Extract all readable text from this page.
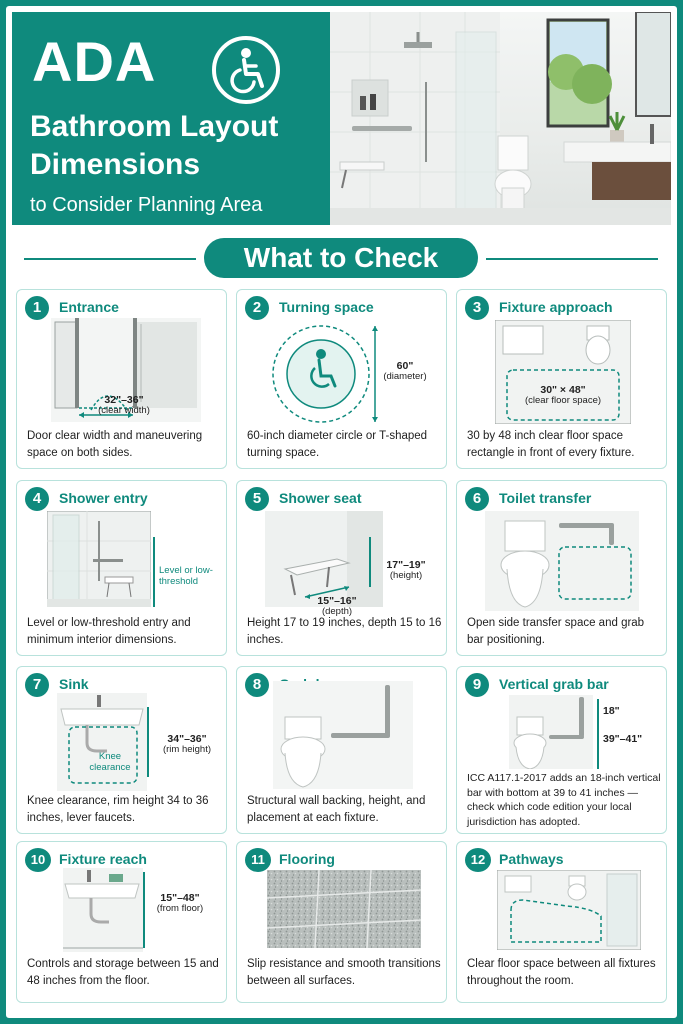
ADA
Bathroom Layout
Dimensions
to Consider Planning Area
What to Check
1	Entrance
32"–36"
(clear width)
Door clear width and maneuvering space on both sides.
2	Turning space
60"
(diameter)
60-inch diameter circle or T-shaped turning space.
3	Fixture approach
30" × 48"
(clear floor space)
30 by 48 inch clear floor space rectangle in front of every fixture.
4	Shower entry
Level or low-threshold
Level or low-threshold entry and minimum interior dimensions.
5	Shower seat
17"–19"
(height)
15"–16"
(depth)
Height 17 to 19 inches, depth 15 to 16 inches.
6	Toilet transfer
Open side transfer space and grab bar positioning.
7	Sink
Knee clearance
34"–36"
(rim height)
Knee clearance, rim height 34 to 36 inches, lever faucets.
8
Structural wall backing, height, and placement at each fixture.
9	Vertical grab bar
18"
39"–41"
ICC A117.1-2017 adds an 18-inch vertical bar with bottom at 39 to 41 inches — check which code edition your local jurisdiction has adopted.
10 Fixture reach
15"–48"
(from floor)
Controls and storage between 15 and 48 inches from the floor.
11	Flooring
Slip resistance and smooth transitions between all surfaces.
12 Pathways
Clear floor space between all fixtures throughout the room.
